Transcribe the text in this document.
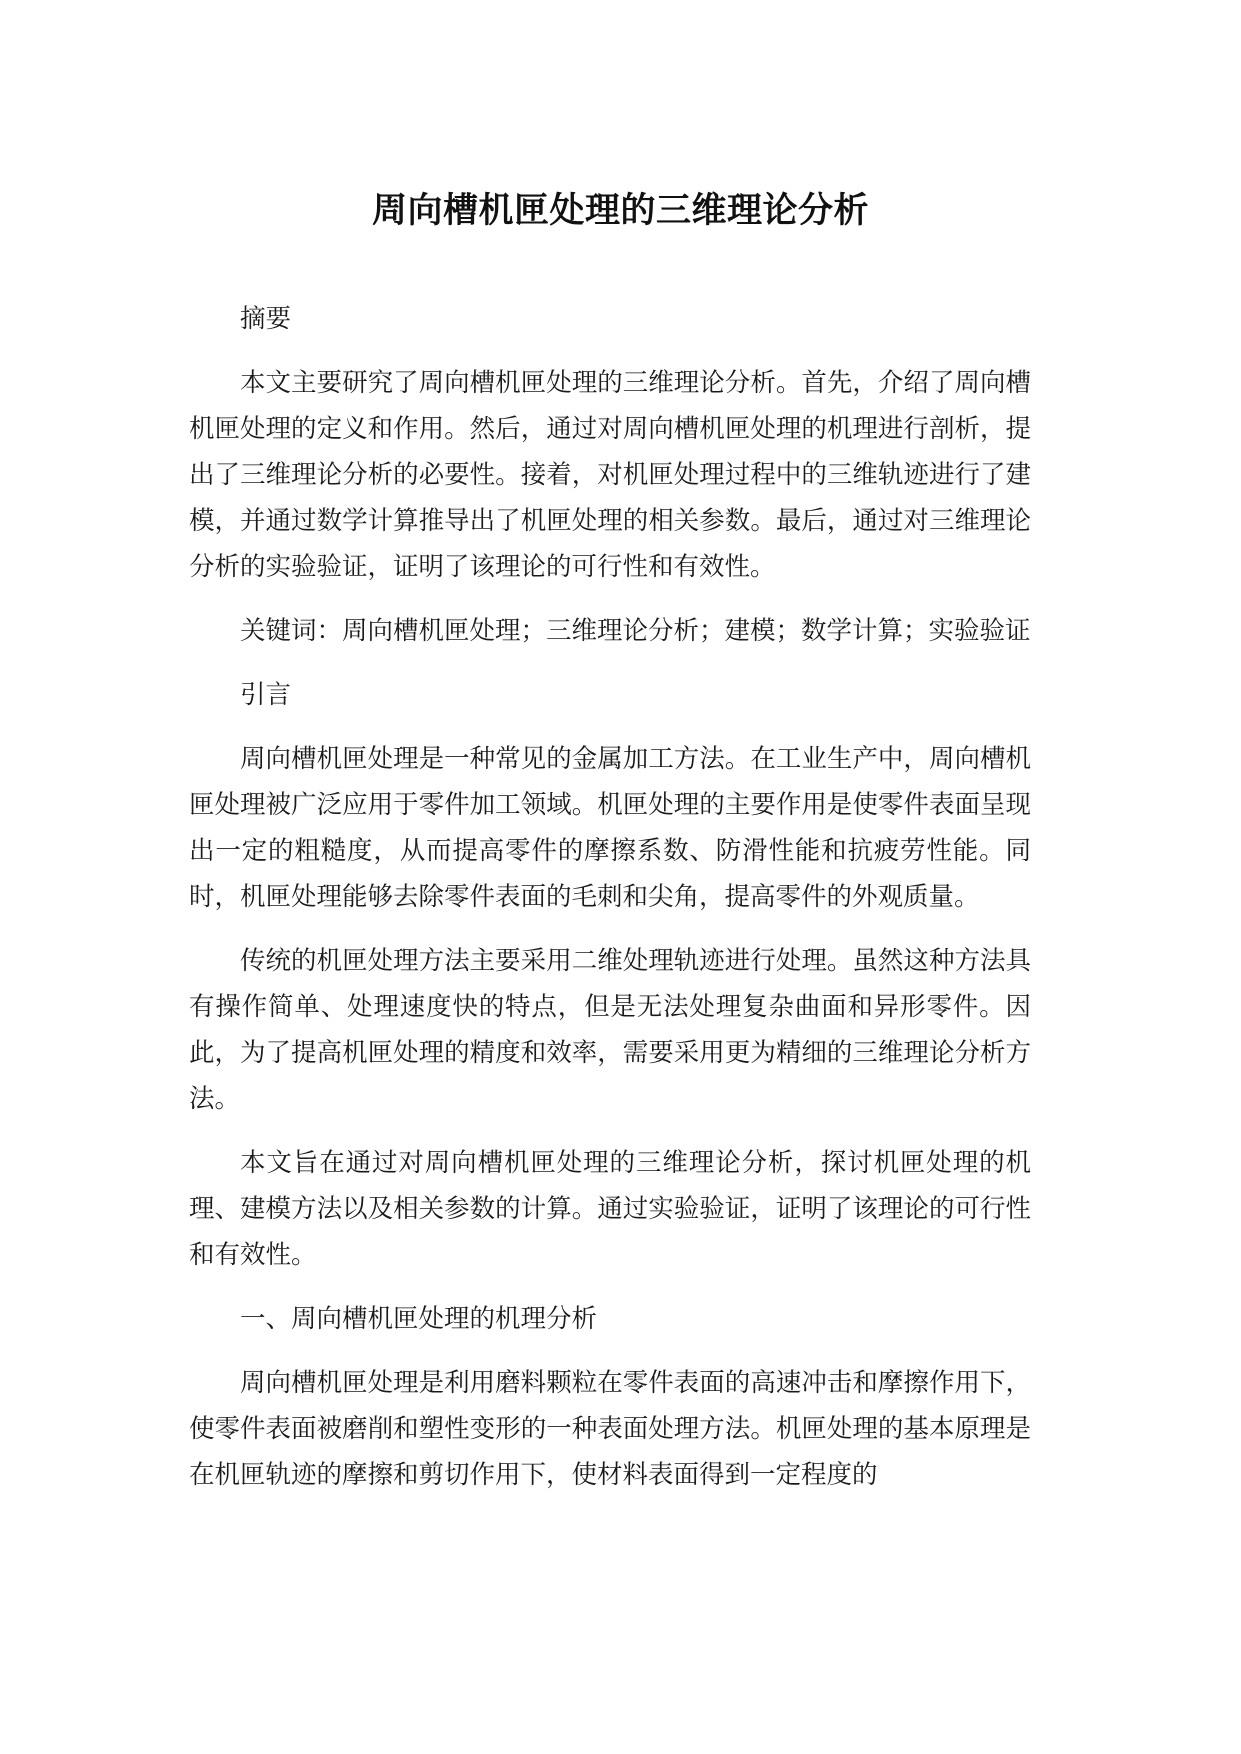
周向槽机匣处理的三维理论分析

摘要

本文主要研究了周向槽机匣处理的三维理论分析。首先，介绍了周向槽机匣处理的定义和作用。然后，通过对周向槽机匣处理的机理进行剖析，提出了三维理论分析的必要性。接着，对机匣处理过程中的三维轨迹进行了建模，并通过数学计算推导出了机匣处理的相关参数。最后，通过对三维理论分析的实验验证，证明了该理论的可行性和有效性。

关键词：周向槽机匣处理；三维理论分析；建模；数学计算；实验验证

引言

周向槽机匣处理是一种常见的金属加工方法。在工业生产中，周向槽机匣处理被广泛应用于零件加工领域。机匣处理的主要作用是使零件表面呈现出一定的粗糙度，从而提高零件的摩擦系数、防滑性能和抗疲劳性能。同时，机匣处理能够去除零件表面的毛刺和尖角，提高零件的外观质量。

传统的机匣处理方法主要采用二维处理轨迹进行处理。虽然这种方法具有操作简单、处理速度快的特点，但是无法处理复杂曲面和异形零件。因此，为了提高机匣处理的精度和效率，需要采用更为精细的三维理论分析方法。

本文旨在通过对周向槽机匣处理的三维理论分析，探讨机匣处理的机理、建模方法以及相关参数的计算。通过实验验证，证明了该理论的可行性和有效性。

一、周向槽机匣处理的机理分析

周向槽机匣处理是利用磨料颗粒在零件表面的高速冲击和摩擦作用下，使零件表面被磨削和塑性变形的一种表面处理方法。机匣处理的基本原理是在机匣轨迹的摩擦和剪切作用下，使材料表面得到一定程度的
